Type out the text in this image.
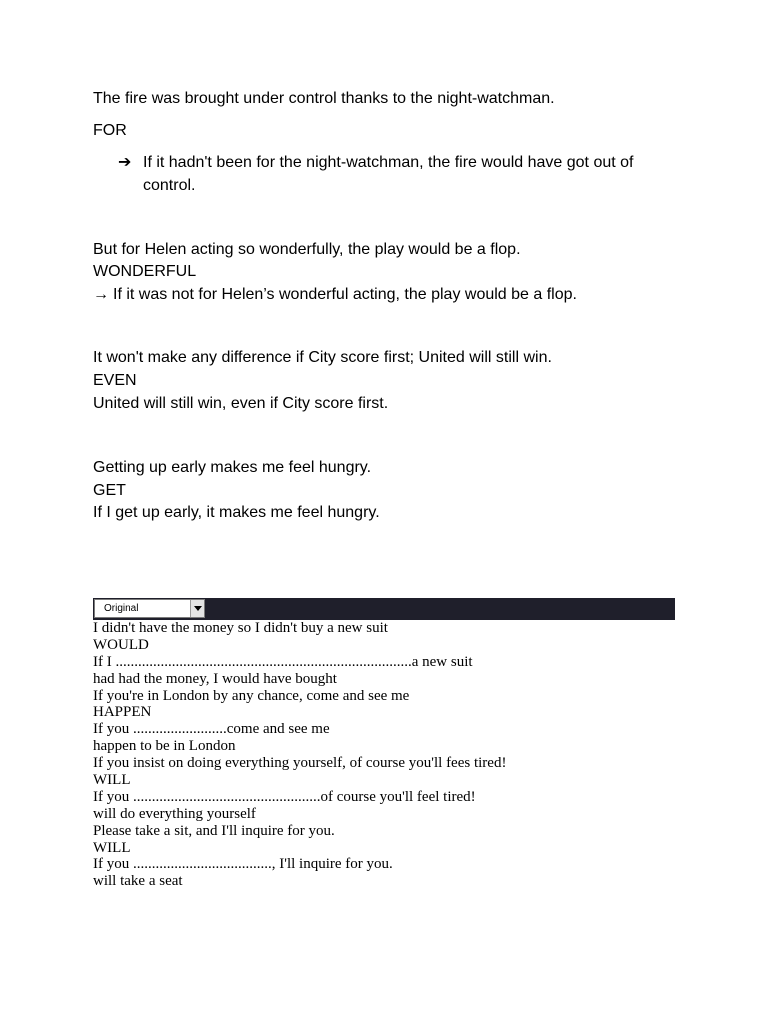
The fire was brought under control thanks to the night-watchman.
FOR
➔ If it hadn't been for the night-watchman, the fire would have got out of control.
But for Helen acting so wonderfully, the play would be a flop.
WONDERFUL
→ If it was not for Helen’s wonderful acting, the play would be a flop.
It won't make any difference if City score first; United will still win.
EVEN
United will still win, even if City score first.
Getting up early makes me feel hungry.
GET
If I get up early, it makes me feel hungry.
Original
I didn't have the money so I didn't buy a new suit
WOULD
If I ...............................................................................a new suit
had had the money, I would have bought
If you're in London by any chance, come and see me
HAPPEN
If you .........................come and see me
happen to be in London
If you insist on doing everything yourself, of course you'll fees tired!
WILL
If you ..................................................of course you'll feel tired!
will do everything yourself
Please take a sit, and I'll inquire for you.
WILL
If you ....................................., I'll inquire for you.
will take a seat
